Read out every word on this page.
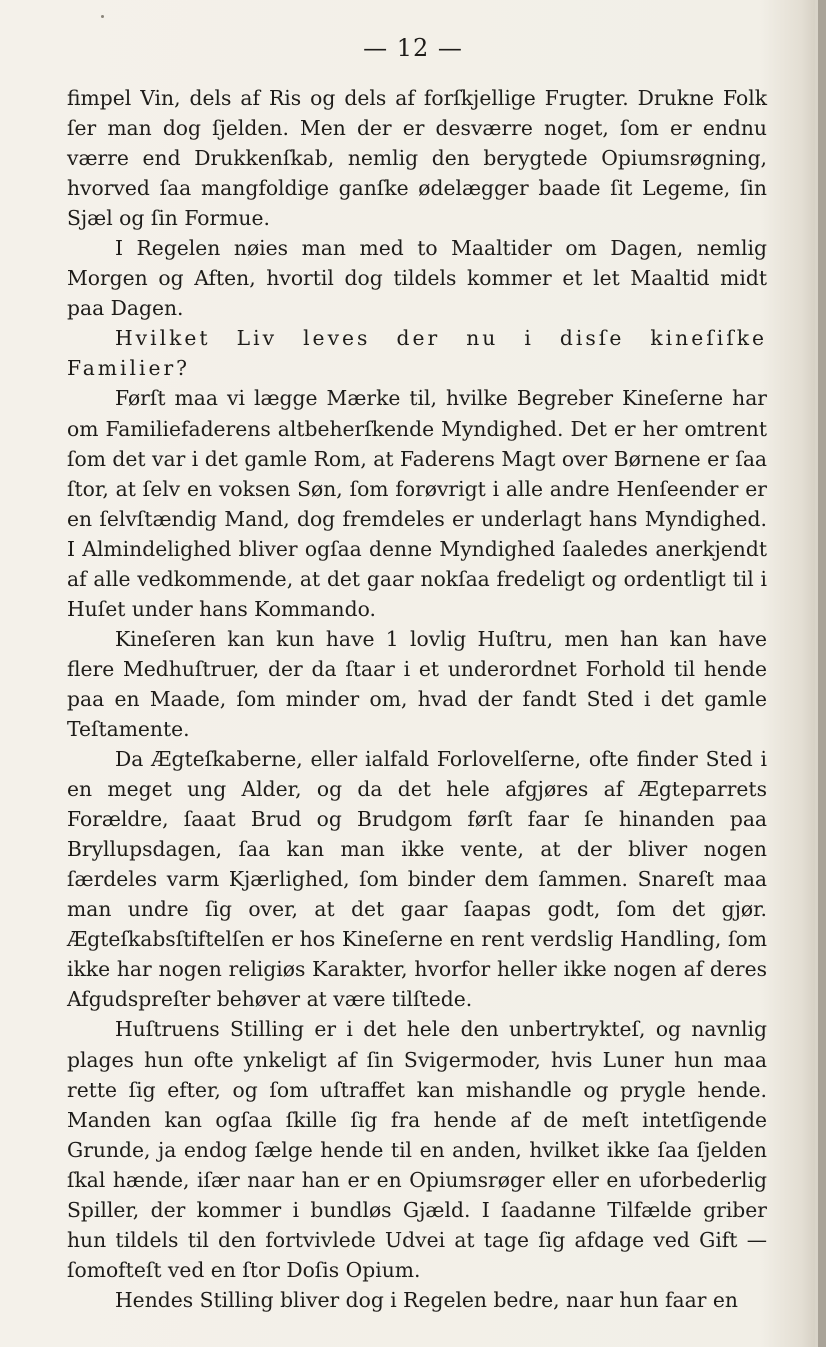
— 12 —

fimpel Vin, dels af Ris og dels af forſkjellige Frugter. Drukne Folk ſer man dog ſjelden. Men der er desværre noget, ſom er endnu værre end Drukkenſkab, nemlig den berygtede Opiumsrøgning, hvorved ſaa mangfoldige ganſke ødelægger baade ſit Legeme, ſin Sjæl og ſin Formue.

I Regelen nøies man med to Maaltider om Dagen, nemlig Morgen og Aften, hvortil dog tildels kommer et let Maaltid midt paa Dagen.

Hvilket Liv leves der nu i disſe kineſiſke Familier?

Førſt maa vi lægge Mærke til, hvilke Begreber Kineſerne har om Familiefaderens altbeherſkende Myndighed. Det er her omtrent ſom det var i det gamle Rom, at Faderens Magt over Børnene er ſaa ſtor, at ſelv en voksen Søn, ſom forøvrigt i alle andre Henſeender er en ſelvſtændig Mand, dog fremdeles er underlagt hans Myndighed. I Almindelighed bliver ogſaa denne Myndighed ſaaledes anerkjendt af alle vedkommende, at det gaar nokſaa fredeligt og ordentligt til i Huſet under hans Kommando.

Kineſeren kan kun have 1 lovlig Huſtru, men han kan have flere Medhuſtruer, der da ſtaar i et underordnet Forhold til hende paa en Maade, ſom minder om, hvad der fandt Sted i det gamle Teſtamente.

Da Ægteſkaberne, eller ialfald Forlovelſerne, ofte finder Sted i en meget ung Alder, og da det hele afgjøres af Ægteparrets Forældre, ſaaat Brud og Brudgom førſt faar ſe hinanden paa Bryllupsdagen, ſaa kan man ikke vente, at der bliver nogen ſærdeles varm Kjærlighed, ſom binder dem ſammen. Snareſt maa man undre ſig over, at det gaar ſaapas godt, ſom det gjør. Ægteſkabsſtiftelſen er hos Kineſerne en rent verdslig Handling, ſom ikke har nogen religiøs Karakter, hvorfor heller ikke nogen af deres Afgudspreſter behøver at være tilſtede.

Huſtruens Stilling er i det hele den unbertrykteſ, og navnlig plages hun ofte ynkeligt af ſin Svigermoder, hvis Luner hun maa rette ſig efter, og ſom uſtraffet kan mishandle og prygle hende. Manden kan ogſaa ſkille ſig fra hende af de meſt intetſigende Grunde, ja endog ſælge hende til en anden, hvilket ikke ſaa ſjelden ſkal hænde, iſær naar han er en Opiumsrøger eller en uforbederlig Spiller, der kommer i bundløs Gjæld. I ſaadanne Tilfælde griber hun tildels til den fortvivlede Udvei at tage ſig afdage ved Gift — ſomofteſt ved en ſtor Doſis Opium.

Hendes Stilling bliver dog i Regelen bedre, naar hun faar en
